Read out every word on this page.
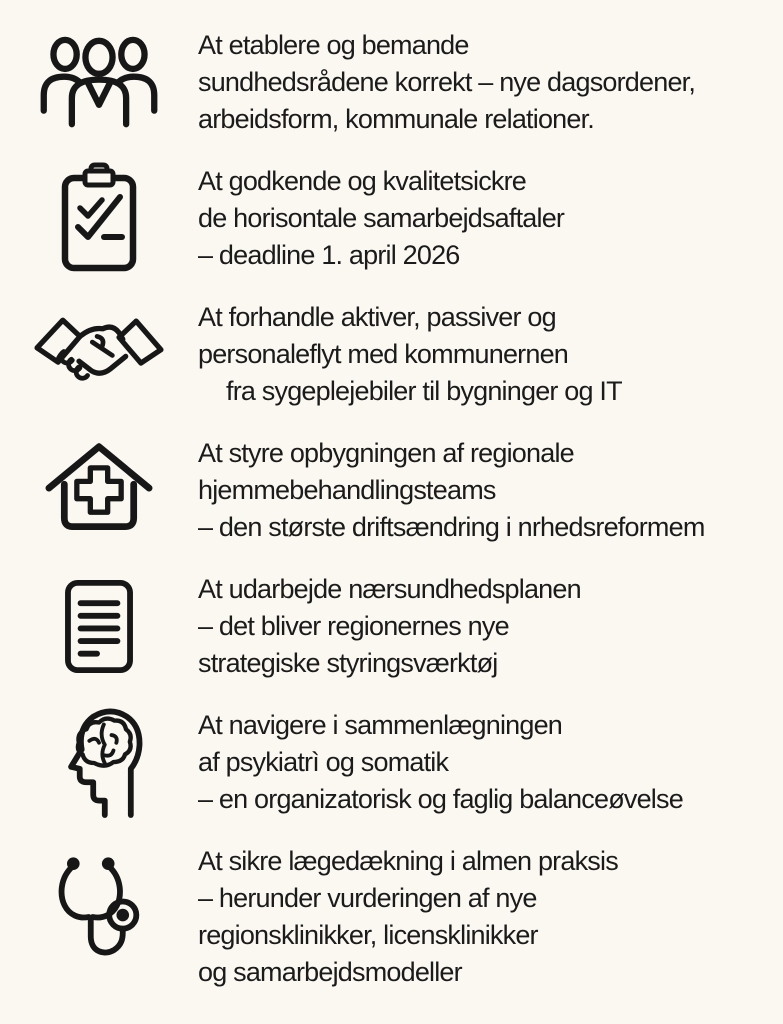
At etablere og bemande
sundhedsrådene korrekt – nye dagsordener,
arbeidsform, kommunale relationer.
At godkende og kvalitetsickre
de horisontale samarbejdsaftaler
– deadline 1. april 2026
At forhandle aktiver, passiver og
personaleflyt med kommunernen
fra sygeplejebiler til bygninger og IT
At styre opbygningen af regionale
hjemmebehandlingsteams
– den største driftsændring i nrhedsreformem
At udarbejde nærsundhedsplanen
– det bliver regionernes nye
strategiske styringsværktøj
At navigere i sammenlægningen
af psykiatrì og somatik
– en organizatorisk og faglig balanceøvelse
At sikre lægedækning i almen praksis
– herunder vurderingen af nye
regionsklinikker, licensklinikker
og samarbejdsmodeller
